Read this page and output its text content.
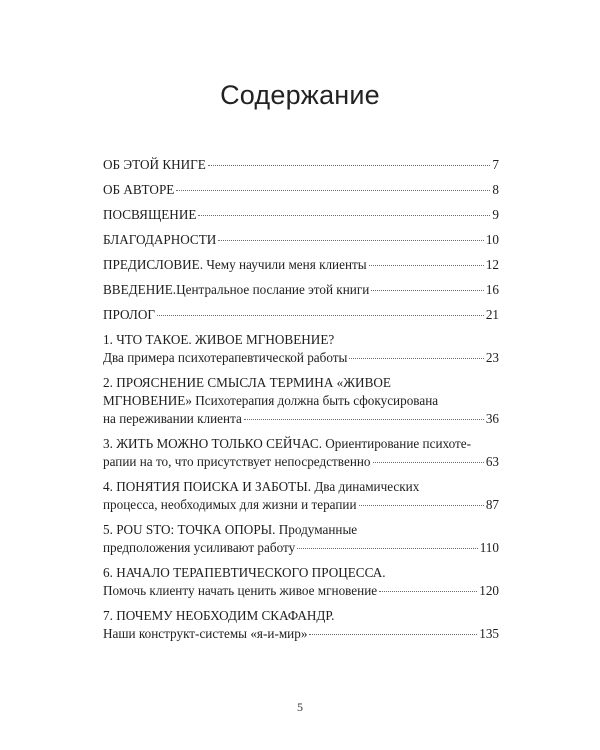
Содержание
ОБ ЭТОЙ КНИГЕ	7
ОБ АВТОРЕ	8
ПОСВЯЩЕНИЕ	9
БЛАГОДАРНОСТИ	10
ПРЕДИСЛОВИЕ. Чему научили меня клиенты	12
ВВЕДЕНИЕ.Центральное послание этой книги	16
ПРОЛОГ	21
1. ЧТО ТАКОЕ. ЖИВОЕ МГНОВЕНИЕ?
Два примера психотерапевтической работы	23
2. ПРОЯСНЕНИЕ СМЫСЛА ТЕРМИНА «ЖИВОЕ
МГНОВЕНИЕ» Психотерапия должна быть сфокусирована
на переживании клиента	36
3. ЖИТЬ МОЖНО ТОЛЬКО СЕЙЧАС. Ориентирование психоте-
рапии на то, что присутствует непосредственно	63
4. ПОНЯТИЯ ПОИСКА И ЗАБОТЫ. Два динамических
процесса, необходимых для жизни и терапии	87
5. POU STO: ТОЧКА ОПОРЫ. Продуманные
предположения усиливают работу	110
6. НАЧАЛО ТЕРАПЕВТИЧЕСКОГО ПРОЦЕССА.
Помочь клиенту начать ценить живое мгновение	120
7. ПОЧЕМУ НЕОБХОДИМ СКАФАНДР.
Наши конструкт-системы «я-и-мир»	135
5
